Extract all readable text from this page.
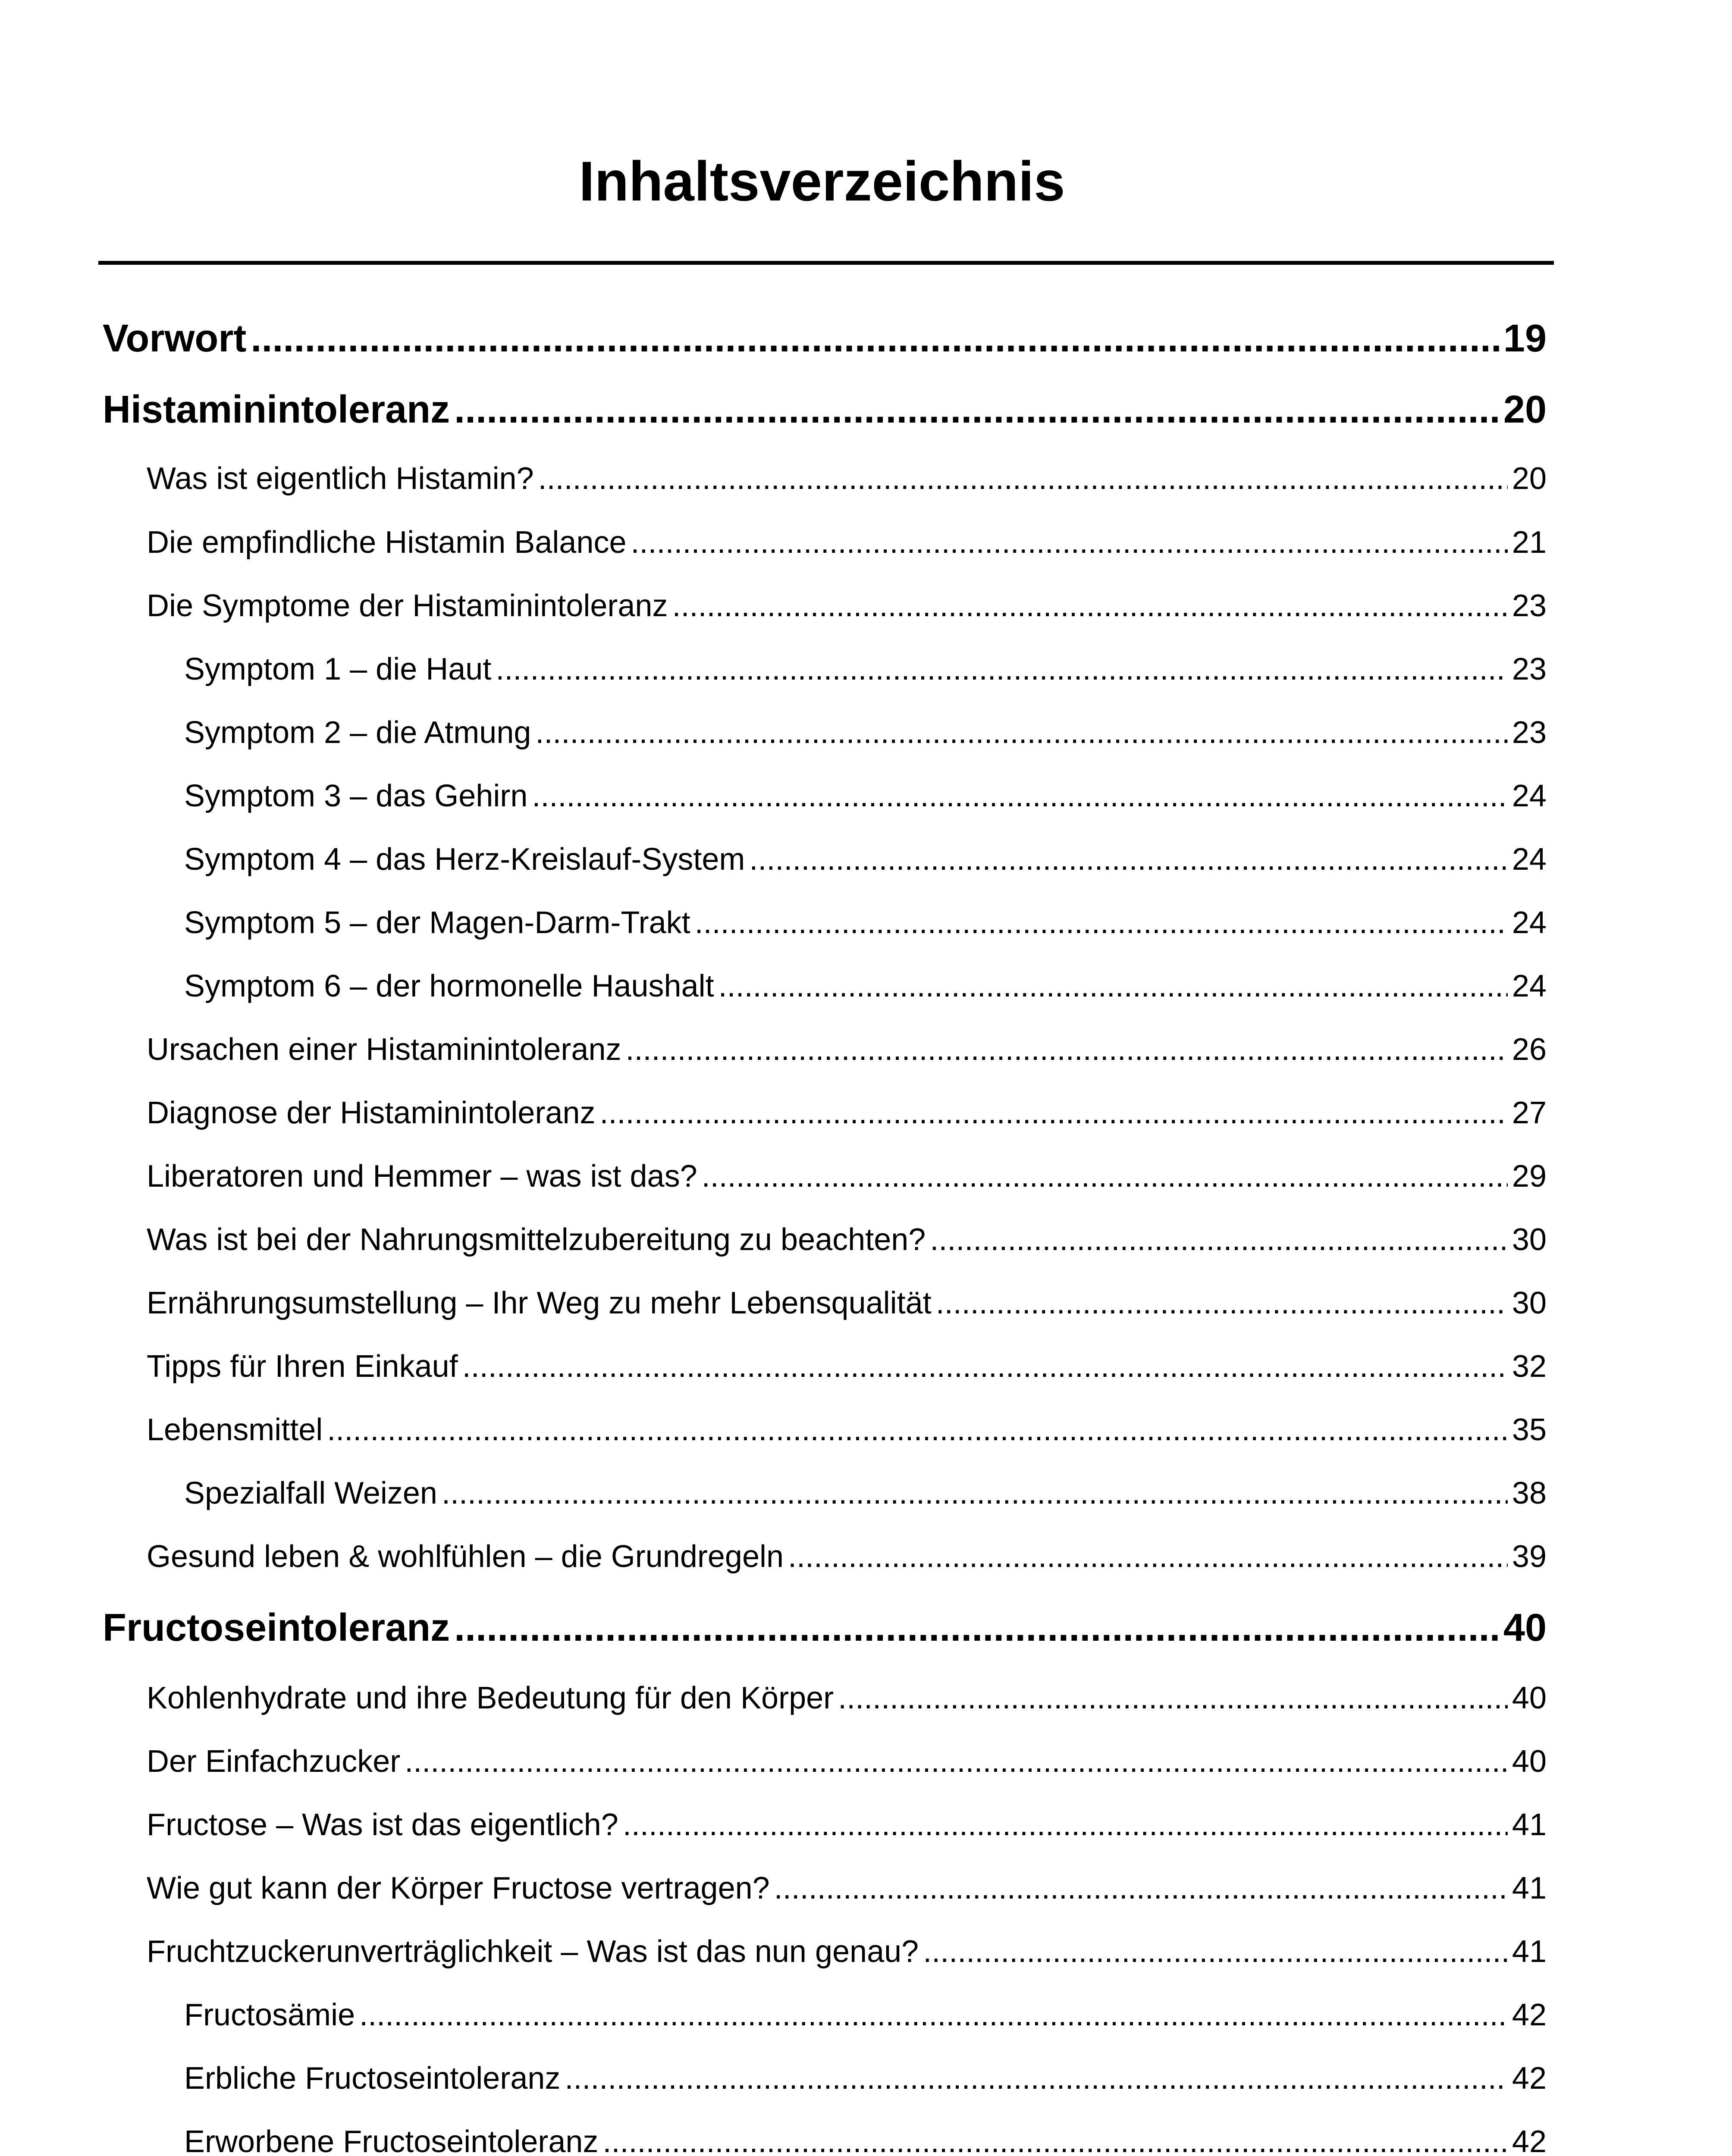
Inhaltsverzeichnis
Vorwort .....	19
Histaminintoleranz .....	20
Was ist eigentlich Histamin? .....	20
Die empfindliche Histamin Balance .....	21
Die Symptome der Histaminintoleranz .....	23
Symptom 1 – die Haut .....	23
Symptom 2 – die Atmung .....	23
Symptom 3 – das Gehirn .....	24
Symptom 4 – das Herz-Kreislauf-System .....	24
Symptom 5 – der Magen-Darm-Trakt .....	24
Symptom 6 – der hormonelle Haushalt .....	24
Ursachen einer Histaminintoleranz .....	26
Diagnose der Histaminintoleranz .....	27
Liberatoren und Hemmer – was ist das? .....	29
Was ist bei der Nahrungsmittelzubereitung zu beachten? .....	30
Ernährungsumstellung – Ihr Weg zu mehr Lebensqualität .....	30
Tipps für Ihren Einkauf .....	32
Lebensmittel .....	35
Spezialfall Weizen .....	38
Gesund leben & wohlfühlen – die Grundregeln .....	39
Fructoseintoleranz .....	40
Kohlenhydrate und ihre Bedeutung für den Körper .....	40
Der Einfachzucker .....	40
Fructose – Was ist das eigentlich? .....	41
Wie gut kann der Körper Fructose vertragen? .....	41
Fruchtzuckerunverträglichkeit – Was ist das nun genau? .....	41
Fructosämie .....	42
Erbliche Fructoseintoleranz .....	42
Erworbene Fructoseintoleranz .....	42
